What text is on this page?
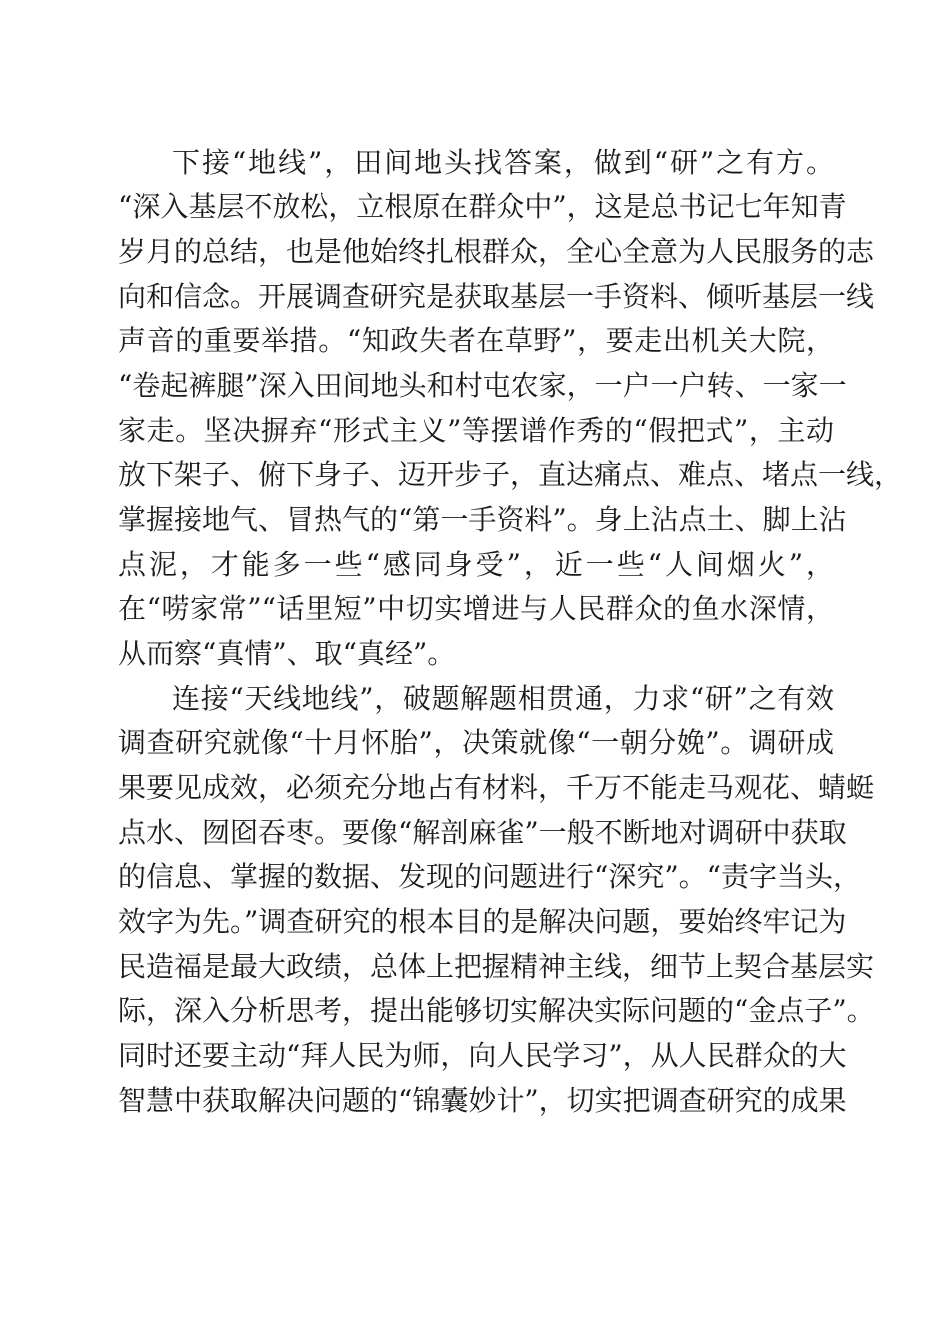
下接“地线”，田间地头找答案，做到“研”之有方。

“深入基层不放松，立根原在群众中”，这是总书记七年知青

岁月的总结，也是他始终扎根群众，全心全意为人民服务的志

向和信念。开展调查研究是获取基层一手资料、倾听基层一线

声音的重要举措。“知政失者在草野”，要走出机关大院，

“卷起裤腿”深入田间地头和村屯农家，一户一户转、一家一

家走。坚决摒弃“形式主义”等摆谱作秀的“假把式”，主动

放下架子、俯下身子、迈开步子，直达痛点、难点、堵点一线，

掌握接地气、冒热气的“第一手资料”。身上沾点土、脚上沾

点泥，才能多一些“感同身受”，近一些“人间烟火”，

在“唠家常”“话里短”中切实增进与人民群众的鱼水深情，

从而察“真情”、取“真经”。

连接“天线地线”，破题解题相贯通，力求“研”之有效

调查研究就像“十月怀胎”，决策就像“一朝分娩”。调研成

果要见成效，必须充分地占有材料，千万不能走马观花、蜻蜓

点水、囫囵吞枣。要像“解剖麻雀”一般不断地对调研中获取

的信息、掌握的数据、发现的问题进行“深究”。“责字当头，

效字为先。”调查研究的根本目的是解决问题，要始终牢记为

民造福是最大政绩，总体上把握精神主线，细节上契合基层实

际，深入分析思考，提出能够切实解决实际问题的“金点子”。

同时还要主动“拜人民为师，向人民学习”，从人民群众的大

智慧中获取解决问题的“锦囊妙计”，切实把调查研究的成果
